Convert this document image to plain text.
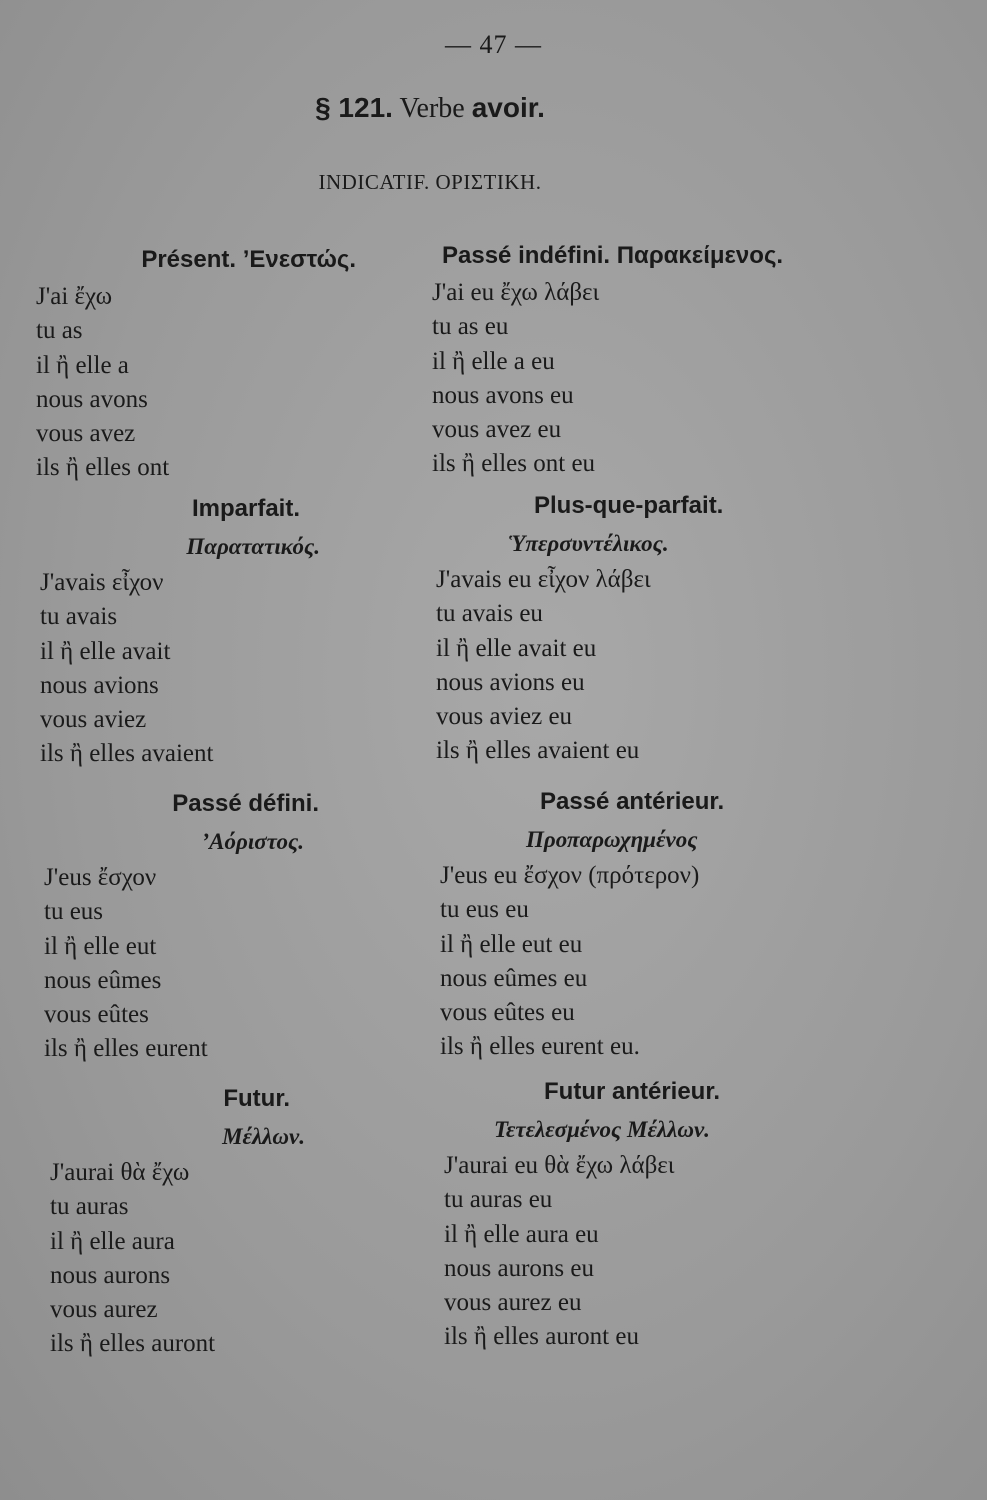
— 47 —
§ 121. Verbe avoir.
INDICATIF. ΟΡΙΣΤΙΚΗ.
Présent. ʼΕνεστώς.
J'ai ἔχω
tu as
il ἢ elle a
nous avons
vous avez
ils ἢ elles ont
Imparfait.
Παρατατικός.
J'avais εἶχον
tu avais
il ἢ elle avait
nous avions
vous aviez
ils ἢ elles avaient
Passé défini.
ʼΑόριστος.
J'eus ἔσχον
tu eus
il ἢ elle eut
nous eûmes
vous eûtes
ils ἢ elles eurent
Futur.
Μέλλων.
J'aurai θὰ ἔχω
tu auras
il ἢ elle aura
nous aurons
vous aurez
ils ἢ elles auront
Passé indéfini. Παρακείμενος.
J'ai eu ἔχω λάβει
tu as eu
il ἢ elle a eu
nous avons eu
vous avez eu
ils ἢ elles ont eu
Plus-que-parfait.
Ὑπερσυντέλικος.
J'avais eu εἶχον λάβει
tu avais eu
il ἢ elle avait eu
nous avions eu
vous aviez eu
ils ἢ elles avaient eu
Passé antérieur.
Προπαρωχημένος
J'eus eu ἔσχον (πρότερον)
tu eus eu
il ἢ elle eut eu
nous eûmes eu
vous eûtes eu
ils ἢ elles eurent eu.
Futur antérieur.
Τετελεσμένος Μέλλων.
J'aurai eu θὰ ἔχω λάβει
tu auras eu
il ἢ elle aura eu
nous aurons eu
vous aurez eu
ils ἢ elles auront eu
